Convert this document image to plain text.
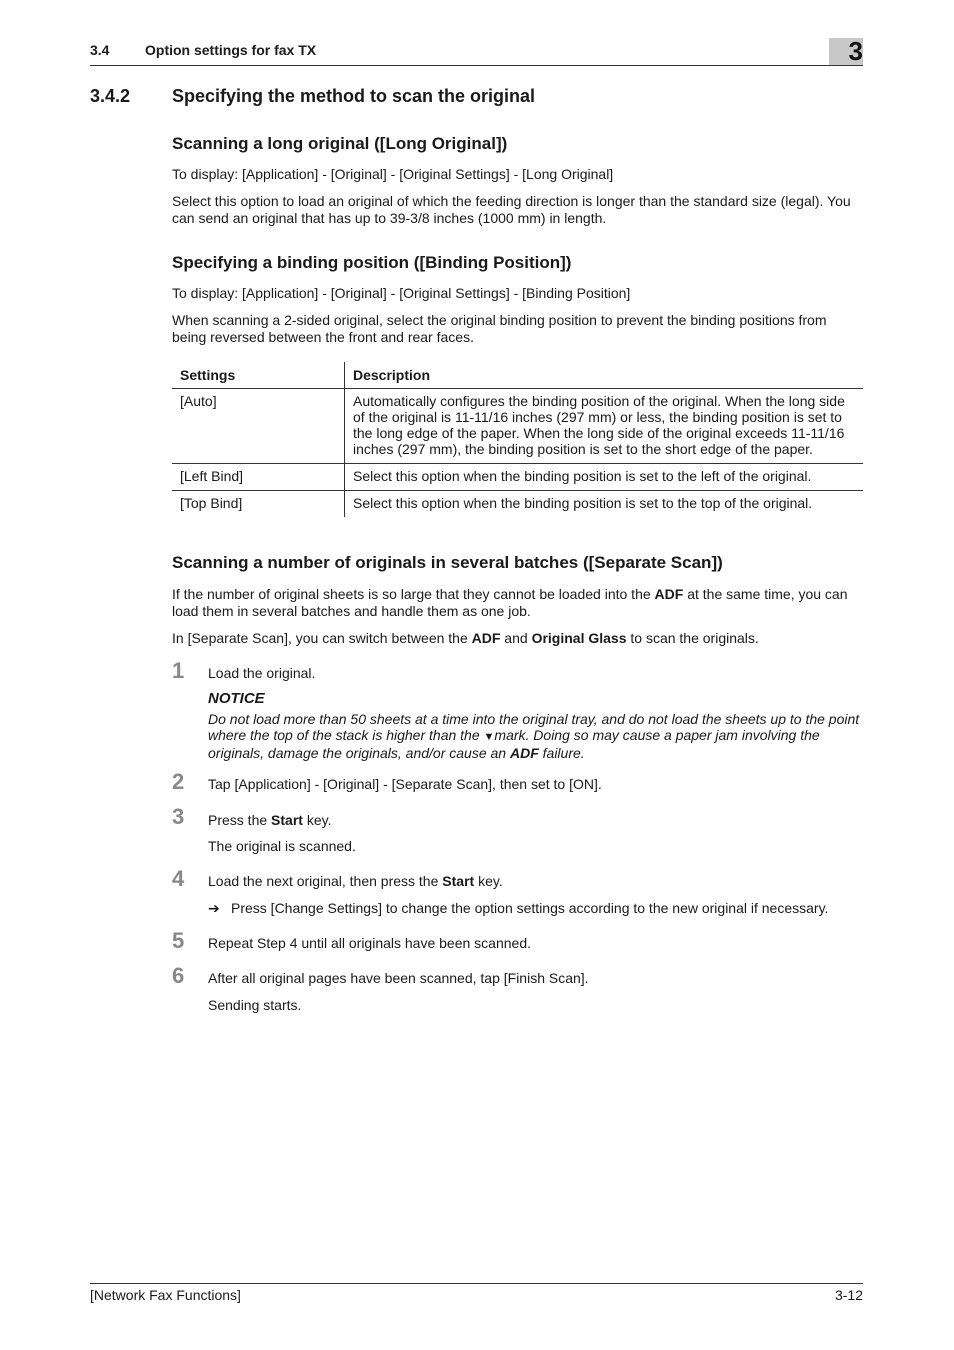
3.4	Option settings for fax TX	3
3.4.2 Specifying the method to scan the original
Scanning a long original ([Long Original])
To display: [Application] - [Original] - [Original Settings] - [Long Original]
Select this option to load an original of which the feeding direction is longer than the standard size (legal). You can send an original that has up to 39-3/8 inches (1000 mm) in length.
Specifying a binding position ([Binding Position])
To display: [Application] - [Original] - [Original Settings] - [Binding Position]
When scanning a 2-sided original, select the original binding position to prevent the binding positions from being reversed between the front and rear faces.
Settings	Description
[Auto]	Automatically configures the binding position of the original. When the long side of the original is 11-11/16 inches (297 mm) or less, the binding position is set to the long edge of the paper. When the long side of the original exceeds 11-11/16 inches (297 mm), the binding position is set to the short edge of the paper.
[Left Bind]	Select this option when the binding position is set to the left of the original.
[Top Bind]	Select this option when the binding position is set to the top of the original.
Scanning a number of originals in several batches ([Separate Scan])
If the number of original sheets is so large that they cannot be loaded into the ADF at the same time, you can load them in several batches and handle them as one job.
In [Separate Scan], you can switch between the ADF and Original Glass to scan the originals.
1 Load the original.
NOTICE
Do not load more than 50 sheets at a time into the original tray, and do not load the sheets up to the point where the top of the stack is higher than the ▼mark. Doing so may cause a paper jam involving the originals, damage the originals, and/or cause an ADF failure.
2 Tap [Application] - [Original] - [Separate Scan], then set to [ON].
3 Press the Start key.
The original is scanned.
4 Load the next original, then press the Start key.
➔ Press [Change Settings] to change the option settings according to the new original if necessary.
5 Repeat Step 4 until all originals have been scanned.
6 After all original pages have been scanned, tap [Finish Scan].
Sending starts.
[Network Fax Functions]	3-12
